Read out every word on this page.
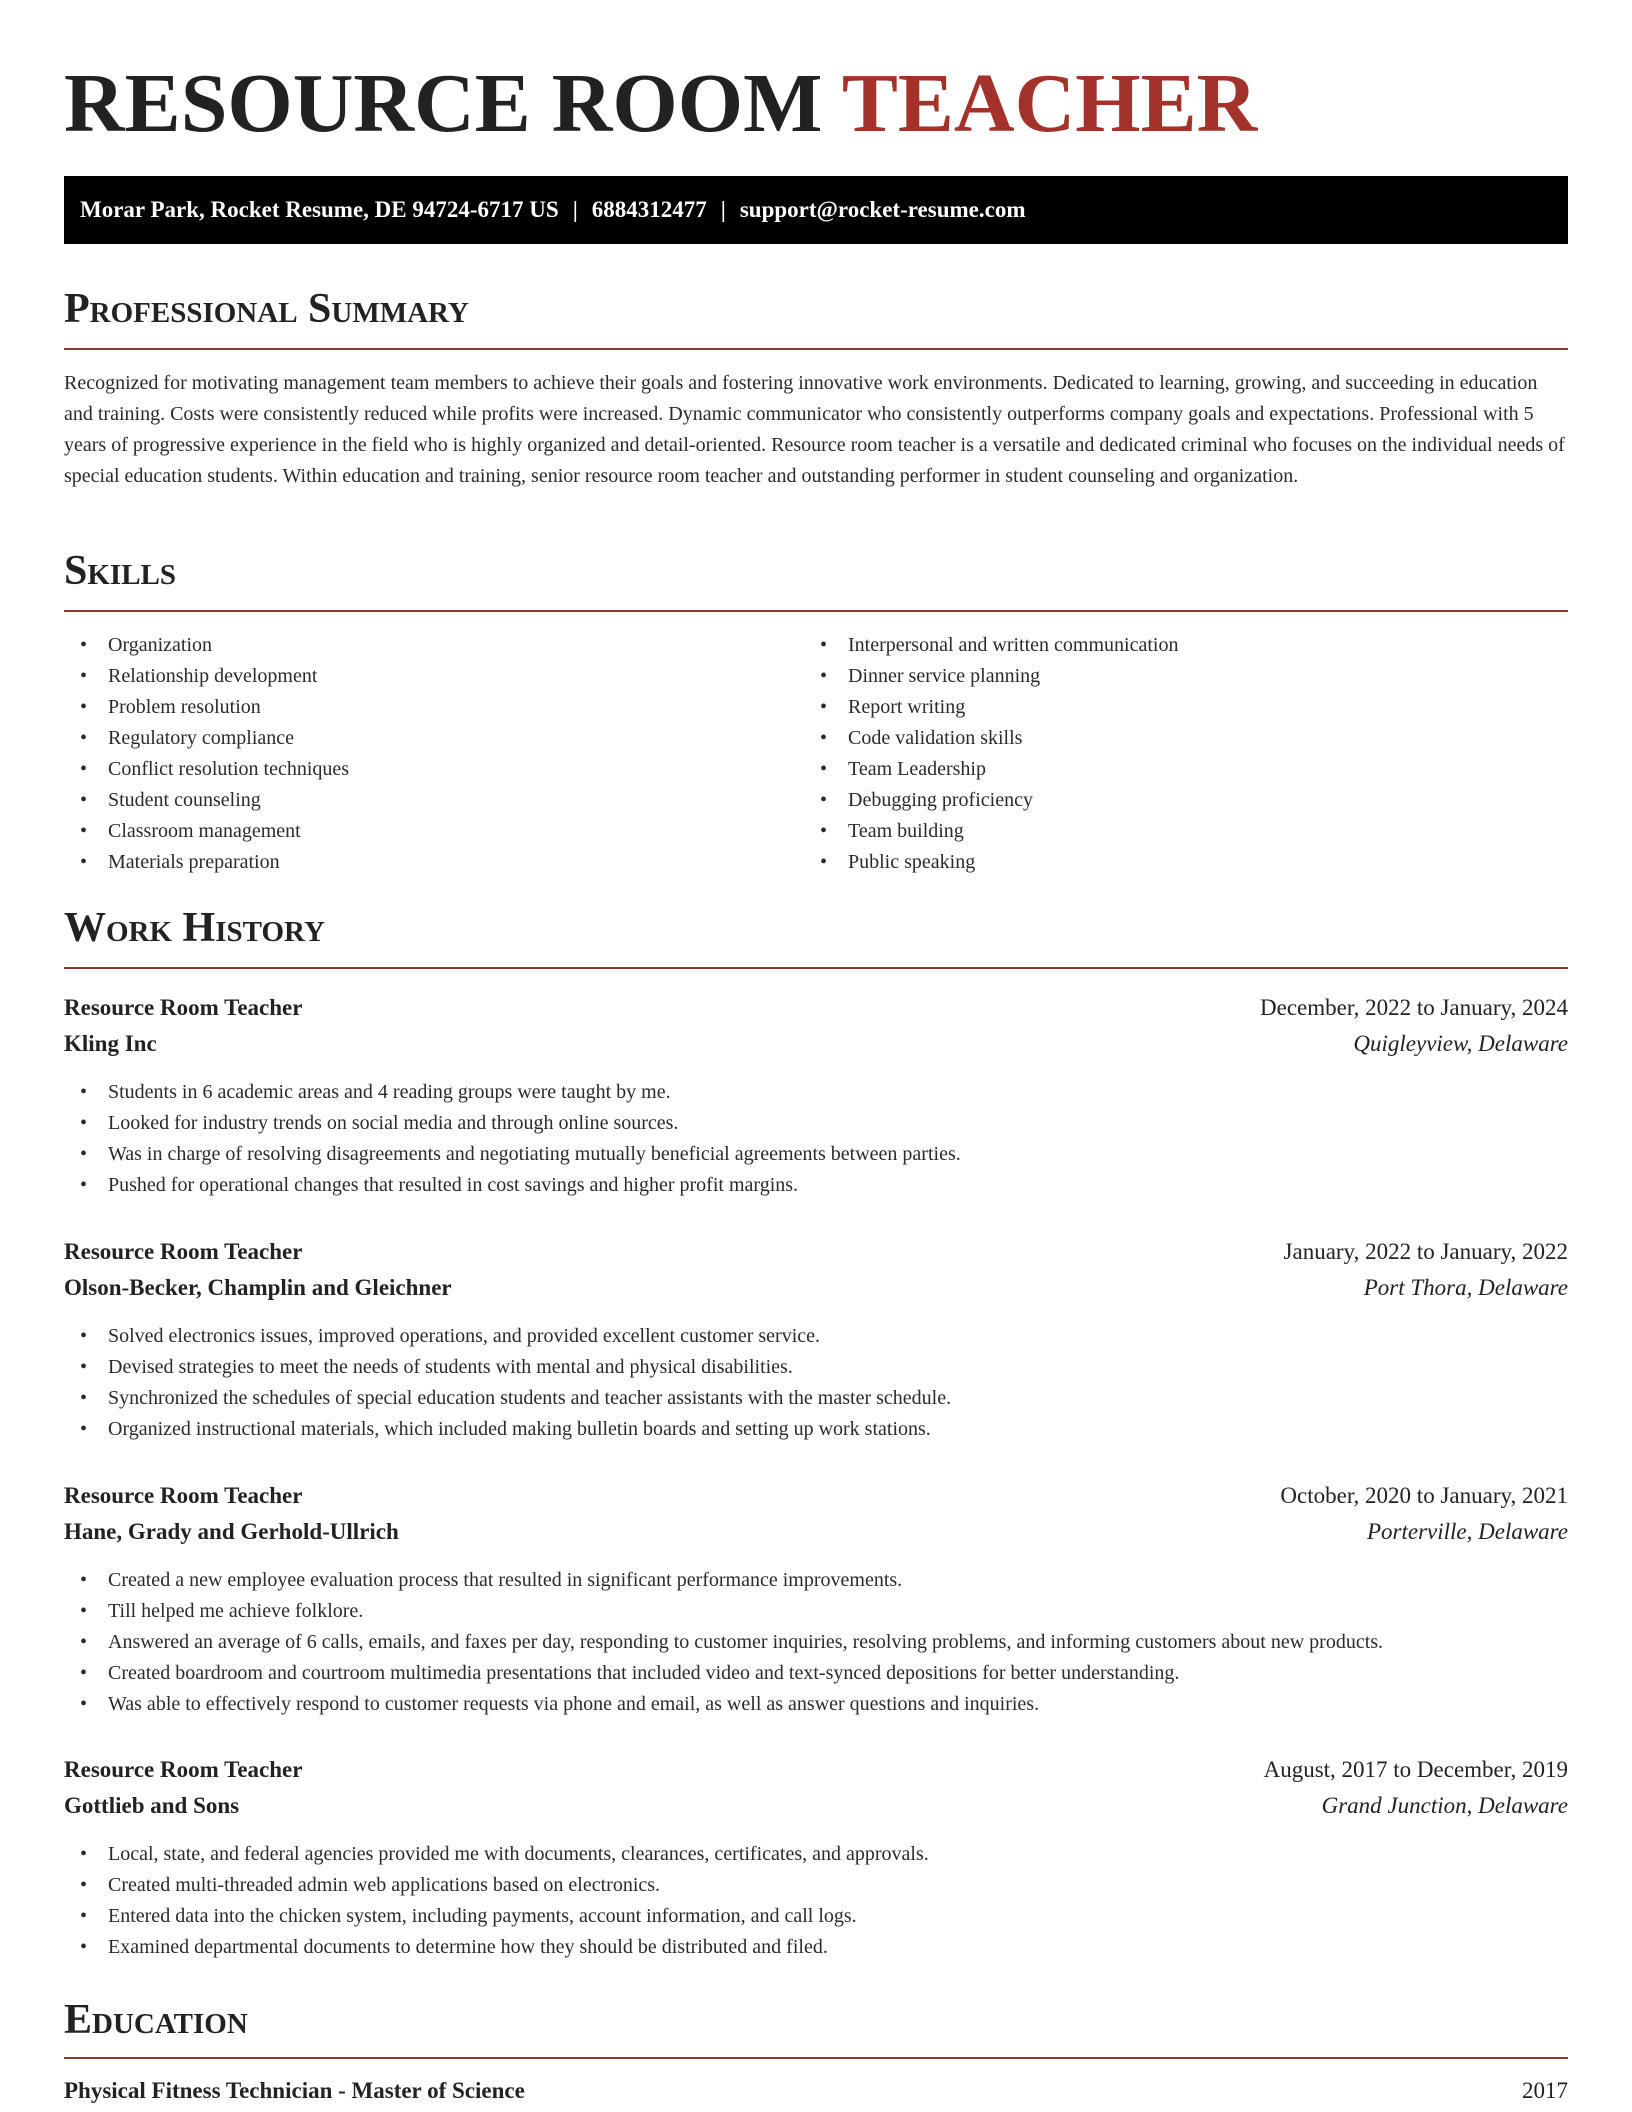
RESOURCE ROOM TEACHER
Morar Park, Rocket Resume, DE 94724-6717 US | 6884312477 | support@rocket-resume.com
Professional Summary

Recognized for motivating management team members to achieve their goals and fostering innovative work environments. Dedicated to learning, growing, and succeeding in education and training. Costs were consistently reduced while profits were increased. Dynamic communicator who consistently outperforms company goals and expectations. Professional with 5 years of progressive experience in the field who is highly organized and detail-oriented. Resource room teacher is a versatile and dedicated criminal who focuses on the individual needs of special education students. Within education and training, senior resource room teacher and outstanding performer in student counseling and organization.

Skills
• Organization
• Relationship development
• Problem resolution
• Regulatory compliance
• Conflict resolution techniques
• Student counseling
• Classroom management
• Materials preparation
• Interpersonal and written communication
• Dinner service planning
• Report writing
• Code validation skills
• Team Leadership
• Debugging proficiency
• Team building
• Public speaking
Work History
Resource Room Teacher	December, 2022 to January, 2024
Kling Inc	Quigleyview, Delaware
• Students in 6 academic areas and 4 reading groups were taught by me.
• Looked for industry trends on social media and through online sources.
• Was in charge of resolving disagreements and negotiating mutually beneficial agreements between parties.
• Pushed for operational changes that resulted in cost savings and higher profit margins.
Resource Room Teacher	January, 2022 to January, 2022
Olson-Becker, Champlin and Gleichner	Port Thora, Delaware
• Solved electronics issues, improved operations, and provided excellent customer service.
• Devised strategies to meet the needs of students with mental and physical disabilities.
• Synchronized the schedules of special education students and teacher assistants with the master schedule.
• Organized instructional materials, which included making bulletin boards and setting up work stations.
Resource Room Teacher	October, 2020 to January, 2021
Hane, Grady and Gerhold-Ullrich	Porterville, Delaware
• Created a new employee evaluation process that resulted in significant performance improvements.
• Till helped me achieve folklore.
• Answered an average of 6 calls, emails, and faxes per day, responding to customer inquiries, resolving problems, and informing customers about new products.
• Created boardroom and courtroom multimedia presentations that included video and text-synced depositions for better understanding.
• Was able to effectively respond to customer requests via phone and email, as well as answer questions and inquiries.
Resource Room Teacher	August, 2017 to December, 2019
Gottlieb and Sons	Grand Junction, Delaware
• Local, state, and federal agencies provided me with documents, clearances, certificates, and approvals.
• Created multi-threaded admin web applications based on electronics.
• Entered data into the chicken system, including payments, account information, and call logs.
• Examined departmental documents to determine how they should be distributed and filed.
Education
Physical Fitness Technician - Master of Science	2017
